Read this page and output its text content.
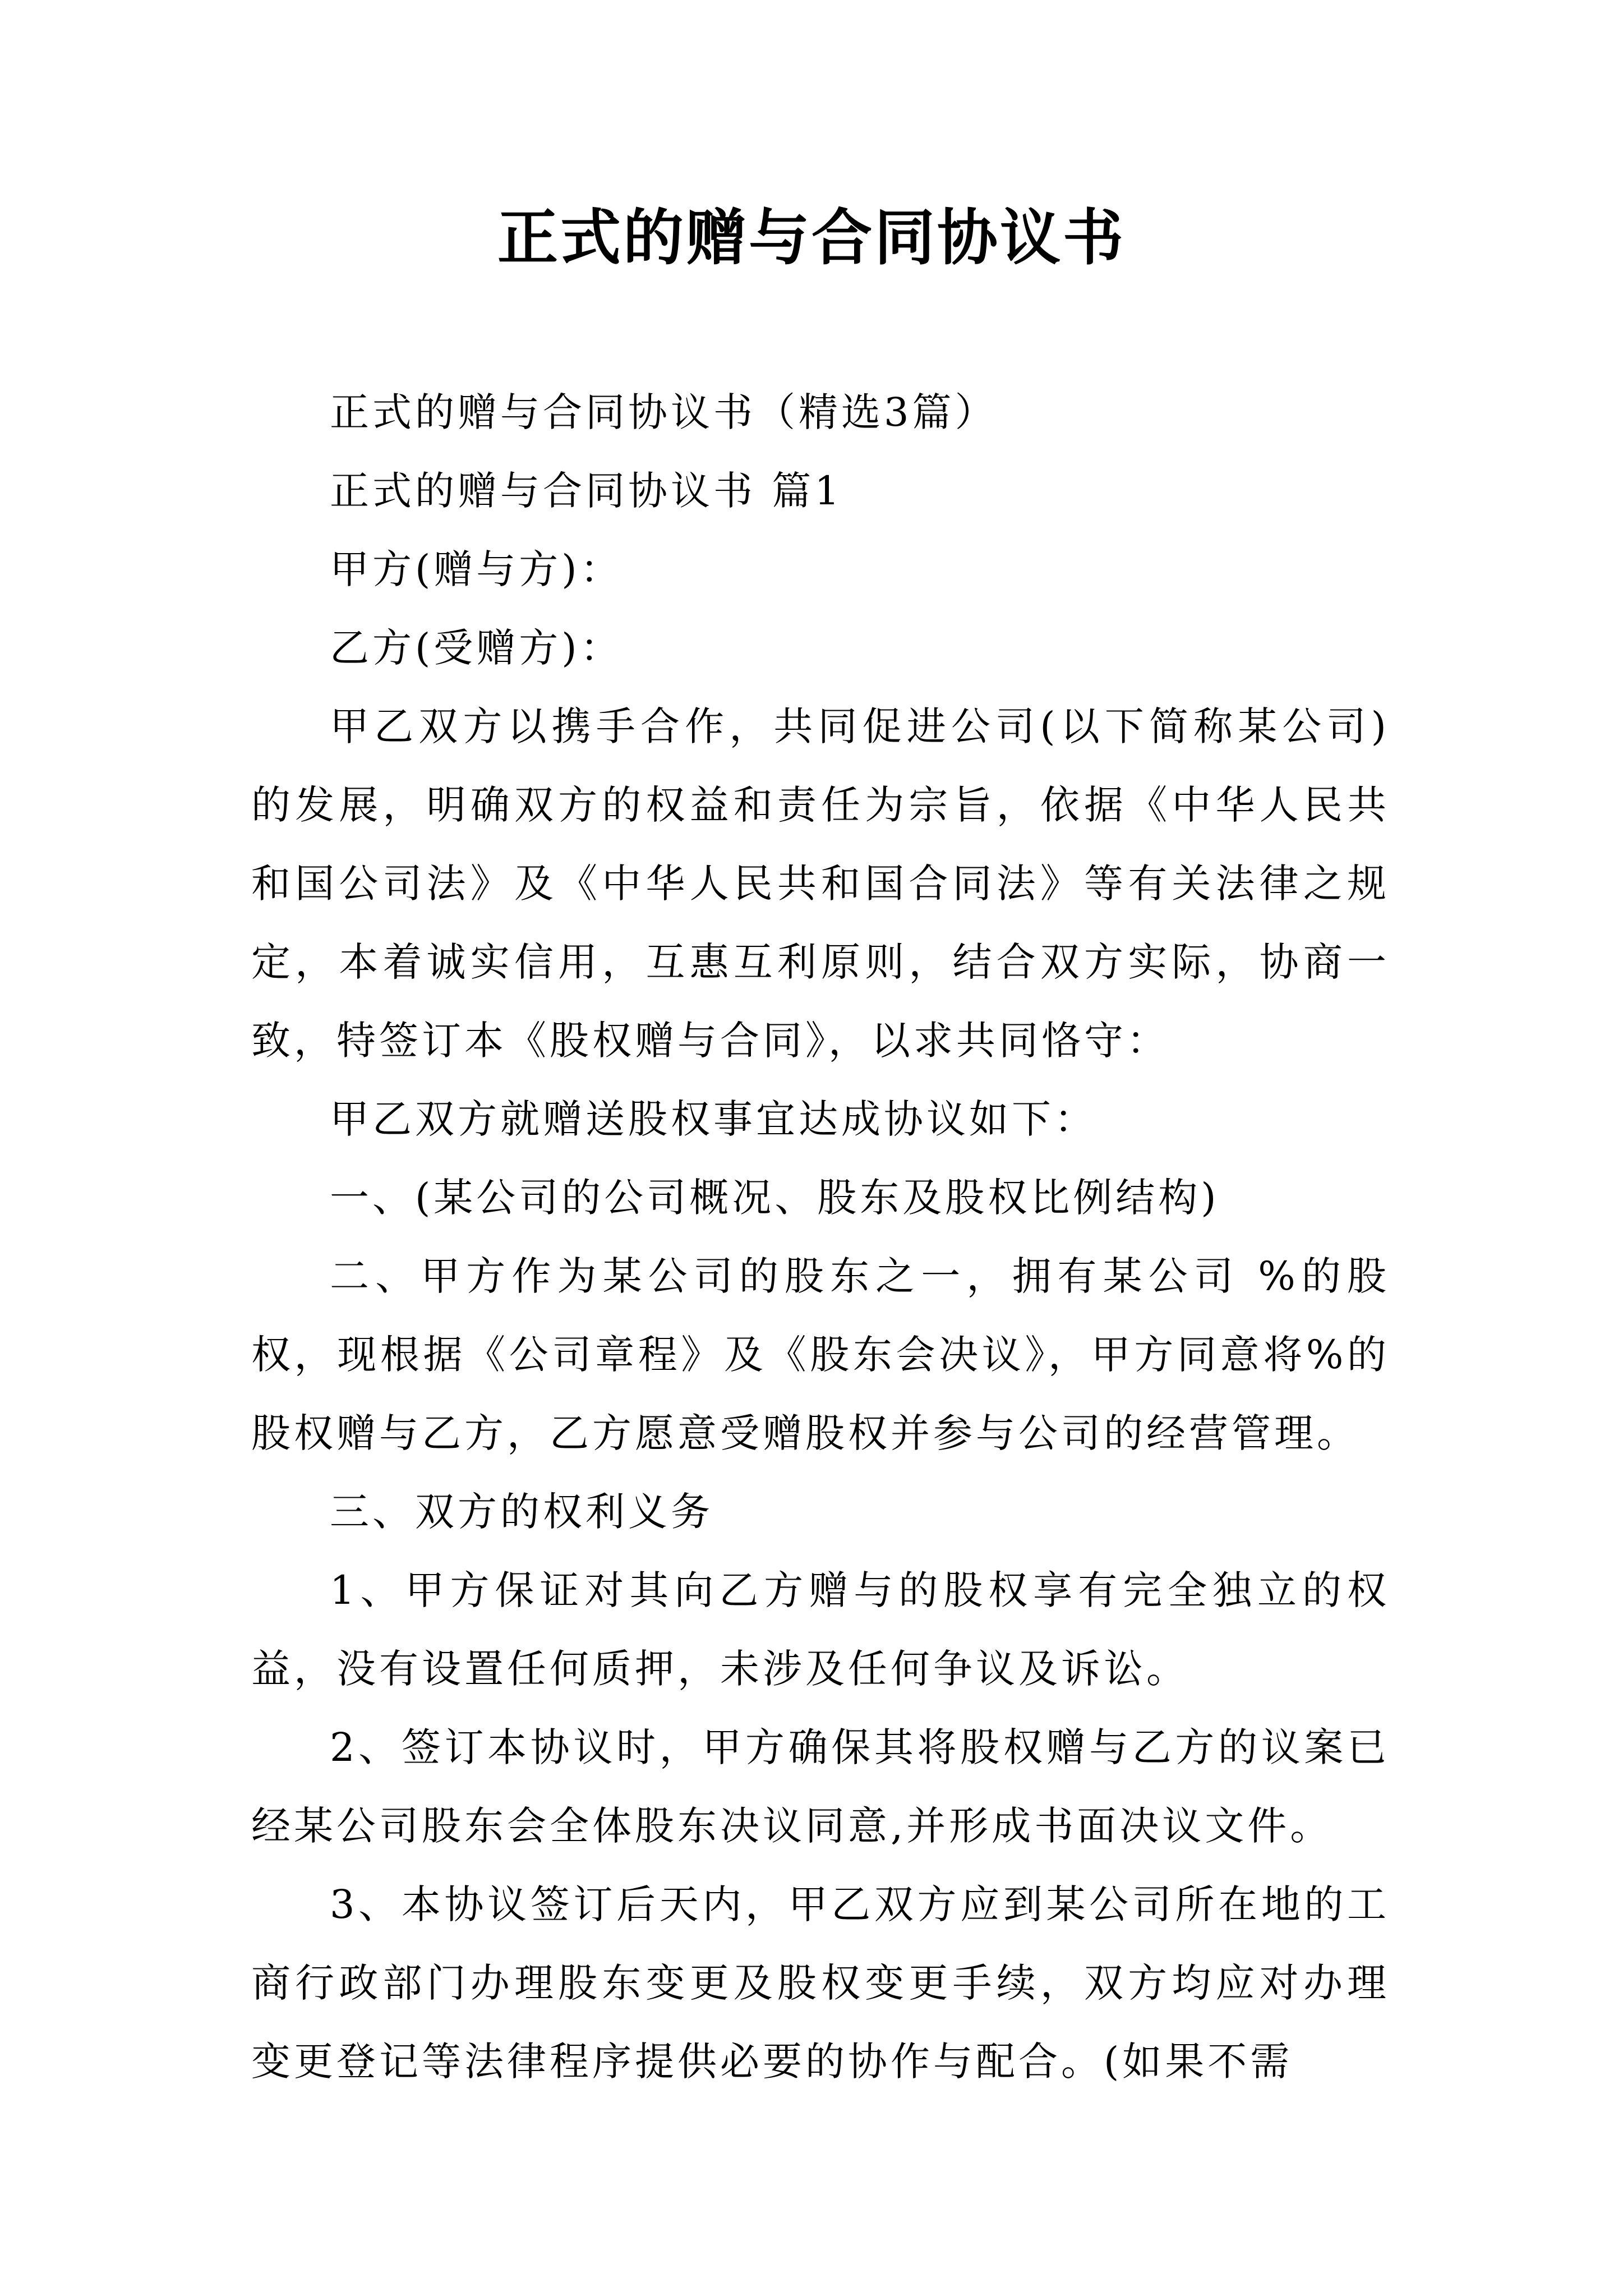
正式的赠与合同协议书

正式的赠与合同协议书（精选3篇）

正式的赠与合同协议书 篇1

甲方(赠与方)：

乙方(受赠方)：

甲乙双方以携手合作，共同促进公司(以下简称某公司)的发展，明确双方的权益和责任为宗旨，依据《中华人民共和国公司法》及《中华人民共和国合同法》等有关法律之规定，本着诚实信用，互惠互利原则，结合双方实际，协商一致，特签订本《股权赠与合同》，以求共同恪守：

甲乙双方就赠送股权事宜达成协议如下：

一、(某公司的公司概况、股东及股权比例结构)

二、甲方作为某公司的股东之一，拥有某公司 %的股权，现根据《公司章程》及《股东会决议》，甲方同意将%的股权赠与乙方，乙方愿意受赠股权并参与公司的经营管理。

三、双方的权利义务

1、甲方保证对其向乙方赠与的股权享有完全独立的权益，没有设置任何质押，未涉及任何争议及诉讼。

2、签订本协议时，甲方确保其将股权赠与乙方的议案已经某公司股东会全体股东决议同意,并形成书面决议文件。

3、本协议签订后天内，甲乙双方应到某公司所在地的工商行政部门办理股东变更及股权变更手续，双方均应对办理变更登记等法律程序提供必要的协作与配合。(如果不需
